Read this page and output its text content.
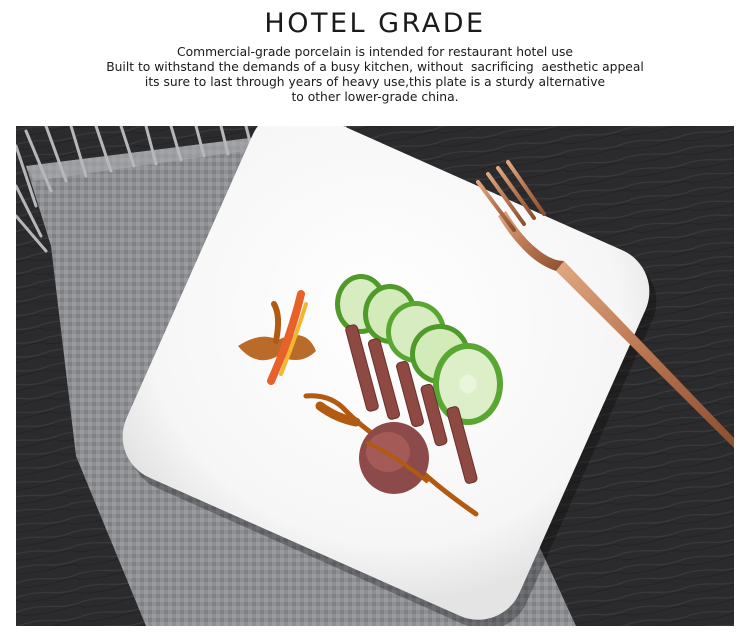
HOTEL GRADE
Commercial-grade porcelain is intended for restaurant hotel use
Built to withstand the demands of a busy kitchen, without  sacrificing  aesthetic appeal
its sure to last through years of heavy use,this plate is a sturdy alternative
to other lower-grade china.
